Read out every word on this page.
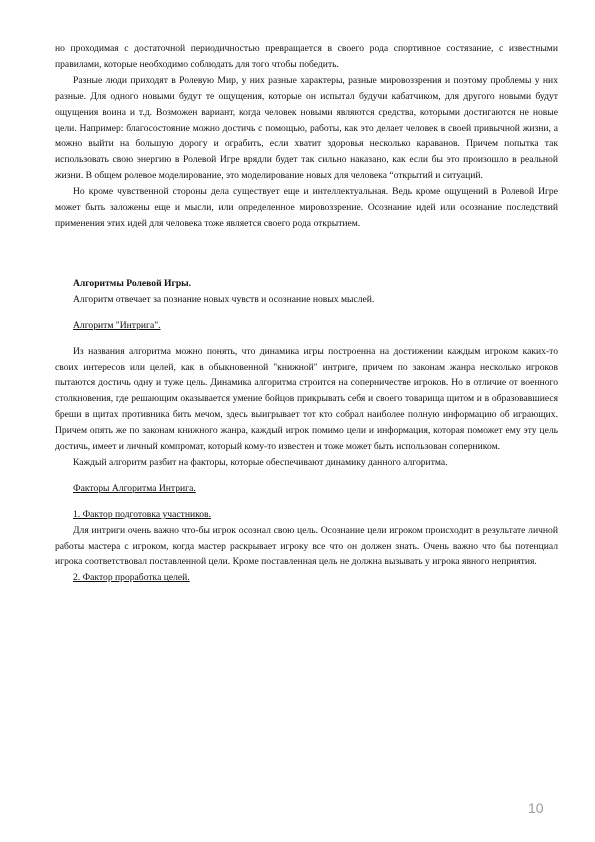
но проходимая с достаточной периодичностью превращается в своего рода спортивное состязание, с известными правилами, которые необходимо соблюдать для того чтобы победить.

Разные люди приходят в Ролевую Мир, у них разные характеры, разные мировоззрения и поэтому проблемы у них разные. Для одного новыми будут те ощущения, которые он испытал будучи кабатчиком, для другого новыми будут ощущения воина и т.д. Возможен вариант, когда человек новыми являются средства, которыми достигаются не новые цели. Например: благосостояние можно достичь с помощью, работы, как это делает человек в своей привычной жизни, а можно выйти на большую дорогу и ограбить, если хватит здоровья несколько караванов. Причем попытка так использовать свою энергию в Ролевой Игре врядли будет так сильно наказано, как если бы это произошло в реальной жизни. В общем ролевое моделирование, это моделирование новых для человека “открытий и ситуаций.

Но кроме чувственной стороны дела существует еще и интеллектуальная. Ведь кроме ощущений в Ролевой Игре может быть заложены еще и мысли, или определенное мировоззрение. Осознание идей или осознание последствий применения этих идей для человека тоже является своего рода открытием.

Алгоритмы Ролевой Игры.

Алгоритм отвечает за познание новых чувств и осознание новых мыслей.

Алгоритм "Интрига".

Из названия алгоритма можно понять, что динамика игры построенна на достижении каждым игроком каких-то своих интересов или целей, как в обыкновенной "книжной" интриге, причем по законам жанра несколько игроков пытаются достичь одну и туже цель. Динамика алгоритма строится на соперничестве игроков. Но в отличие от военного столкновения, где решающим оказывается умение бойцов прикрывать себя и своего товарища щитом и в образовавшиеся бреши в щитах противника бить мечом, здесь выигрывает тот кто собрал наиболее полную информацию об играющих. Причем опять же по законам книжного жанра, каждый игрок помимо цели и информация, которая поможет ему эту цель достичь, имеет и личный компромат, который кому-то известен и тоже может быть использован соперником.

Каждый алгоритм разбит на факторы, которые обеспечивают динамику данного алгоритма.

Факторы Алгоритма Интрига.
1. Фактор подготовка участников.

Для интриги очень важно что-бы игрок осознал свою цель. Осознание цели игроком происходит в результате личной работы мастера с игроком, когда мастер раскрывает игроку все что он должен знать. Очень важно что бы потенциал игрока соответствовал поставленной цели. Кроме поставленная цель не должна вызывать у игрока явного неприятия.

2. Фактор проработка целей.
10
